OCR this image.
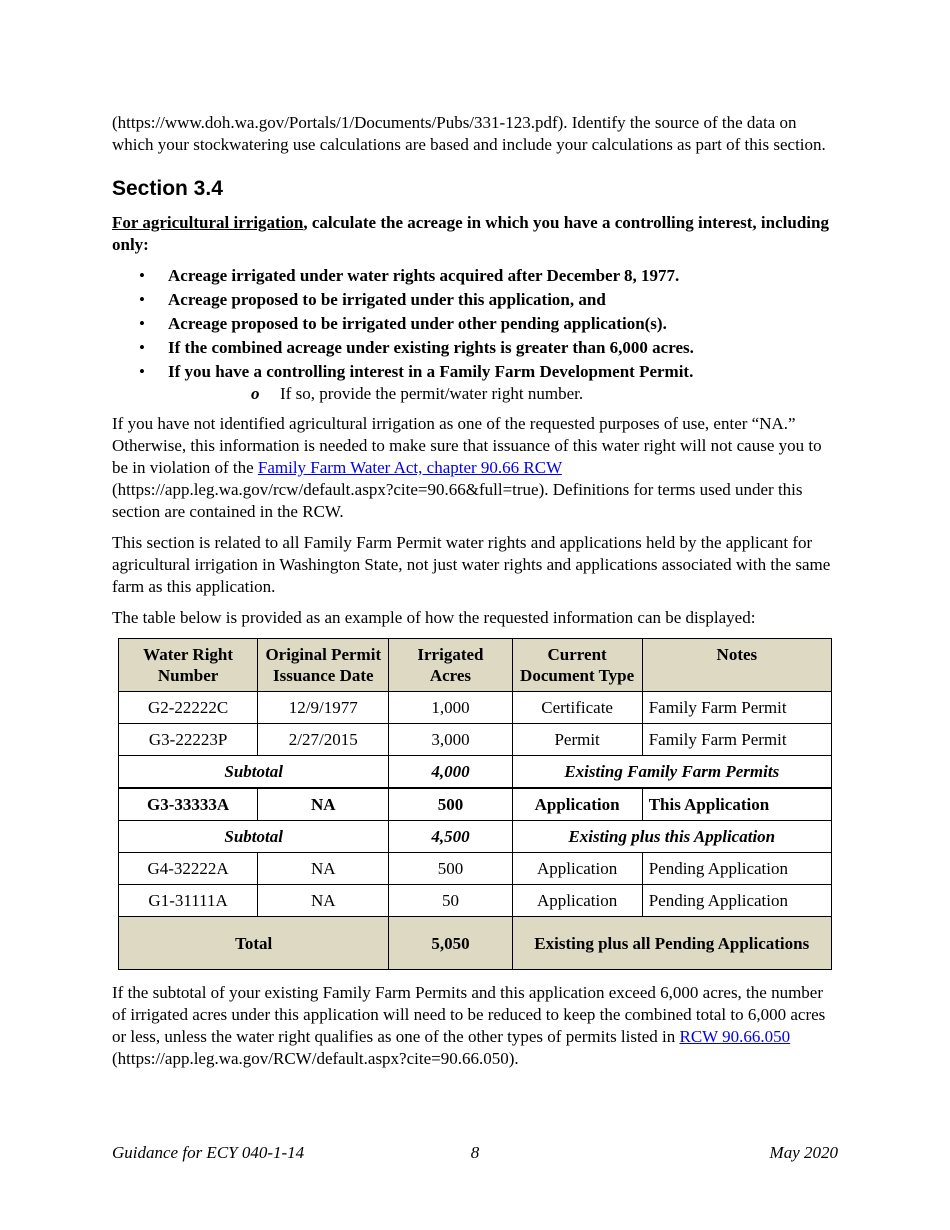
(https://www.doh.wa.gov/Portals/1/Documents/Pubs/331-123.pdf). Identify the source of the data on which your stockwatering use calculations are based and include your calculations as part of this section.

Section 3.4

For agricultural irrigation, calculate the acreage in which you have a controlling interest, including only:

• Acreage irrigated under water rights acquired after December 8, 1977.
• Acreage proposed to be irrigated under this application, and
• Acreage proposed to be irrigated under other pending application(s).
• If the combined acreage under existing rights is greater than 6,000 acres.
• If you have a controlling interest in a Family Farm Development Permit.
o If so, provide the permit/water right number.

If you have not identified agricultural irrigation as one of the requested purposes of use, enter “NA.” Otherwise, this information is needed to make sure that issuance of this water right will not cause you to be in violation of the Family Farm Water Act, chapter 90.66 RCW (https://app.leg.wa.gov/rcw/default.aspx?cite=90.66&full=true). Definitions for terms used under this section are contained in the RCW.

This section is related to all Family Farm Permit water rights and applications held by the applicant for agricultural irrigation in Washington State, not just water rights and applications associated with the same farm as this application.

The table below is provided as an example of how the requested information can be displayed:

Water Right Number	Original Permit Issuance Date	Irrigated Acres	Current Document Type	Notes
G2-22222C	12/9/1977	1,000	Certificate	Family Farm Permit
G3-22223P	2/27/2015	3,000	Permit	Family Farm Permit
Subtotal		4,000	Existing Family Farm Permits	
G3-33333A	NA	500	Application	This Application
Subtotal		4,500	Existing plus this Application	
G4-32222A	NA	500	Application	Pending Application
G1-31111A	NA	50	Application	Pending Application
Total		5,050	Existing plus all Pending Applications	

If the subtotal of your existing Family Farm Permits and this application exceed 6,000 acres, the number of irrigated acres under this application will need to be reduced to keep the combined total to 6,000 acres or less, unless the water right qualifies as one of the other types of permits listed in RCW 90.66.050 (https://app.leg.wa.gov/RCW/default.aspx?cite=90.66.050).

8
Guidance for ECY 040-1-14	May 2020
